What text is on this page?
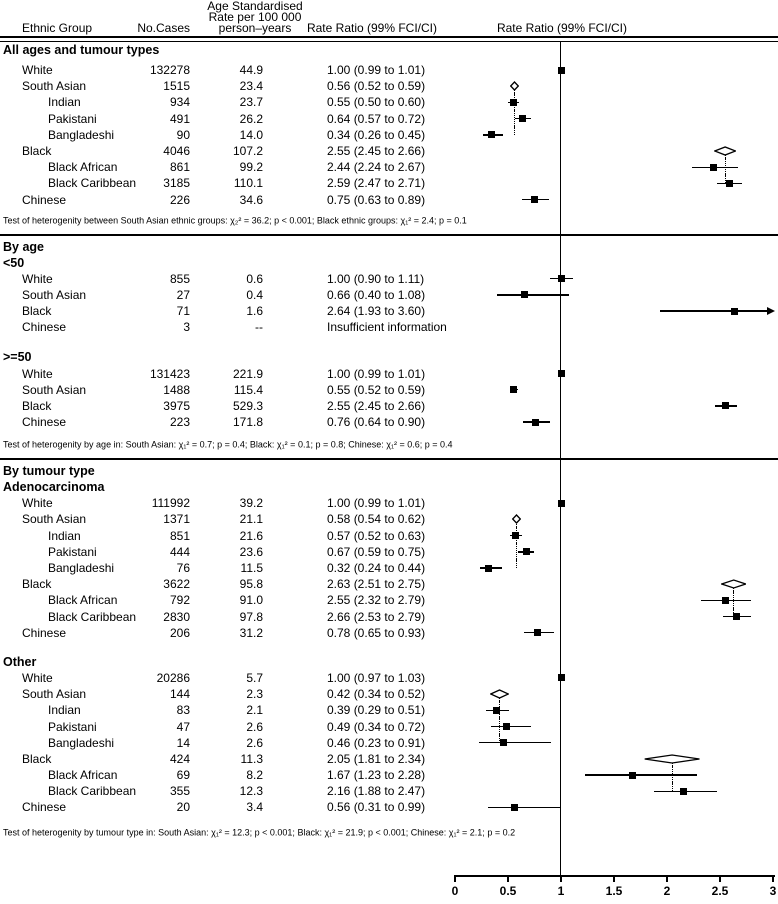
Ethnic Group	No.Cases
Age Standardised
Rate per 100 000
person–years	Rate Ratio (99% FCI/CI)	Rate Ratio (99% FCI/CI)
All ages and tumour types
White	132278	44.9	1.00 (0.99 to 1.01)
South Asian	1515	23.4	0.56 (0.52 to 0.59)
Indian	934	23.7	0.55 (0.50 to 0.60)
Pakistani	491	26.2	0.64 (0.57 to 0.72)
Bangladeshi	90	14.0	0.34 (0.26 to 0.45)
Black	4046	107.2	2.55 (2.45 to 2.66)
Black African	861	99.2	2.44 (2.24 to 2.67)
Black Caribbean	3185	110.1	2.59 (2.47 to 2.71)
Chinese	226	34.6	0.75 (0.63 to 0.89)
Test of heterogenity between South Asian ethnic groups: χ₂² = 36.2; p < 0.001; Black ethnic groups: χ₁² = 2.4; p = 0.1
By age
<50
White	855	0.6	1.00 (0.90 to 1.11)
South Asian	27	0.4	0.66 (0.40 to 1.08)
Black	71	1.6	2.64 (1.93 to 3.60)
Chinese	3	--	Insufficient information
>=50
White	131423	221.9	1.00 (0.99 to 1.01)
South Asian	1488	115.4	0.55 (0.52 to 0.59)
Black	3975	529.3	2.55 (2.45 to 2.66)
Chinese	223	171.8	0.76 (0.64 to 0.90)
Test of heterogenity by age in: South Asian: χ₁² = 0.7; p = 0.4; Black: χ₁² = 0.1; p = 0.8; Chinese: χ₁² = 0.6; p = 0.4
By tumour type
Adenocarcinoma
White	111992	39.2	1.00 (0.99 to 1.01)
South Asian	1371	21.1	0.58 (0.54 to 0.62)
Indian	851	21.6	0.57 (0.52 to 0.63)
Pakistani	444	23.6	0.67 (0.59 to 0.75)
Bangladeshi	76	11.5	0.32 (0.24 to 0.44)
Black	3622	95.8	2.63 (2.51 to 2.75)
Black African	792	91.0	2.55 (2.32 to 2.79)
Black Caribbean	2830	97.8	2.66 (2.53 to 2.79)
Chinese	206	31.2	0.78 (0.65 to 0.93)
Other
White	20286	5.7	1.00 (0.97 to 1.03)
South Asian	144	2.3	0.42 (0.34 to 0.52)
Indian	83	2.1	0.39 (0.29 to 0.51)
Pakistani	47	2.6	0.49 (0.34 to 0.72)
Bangladeshi	14	2.6	0.46 (0.23 to 0.91)
Black	424	11.3	2.05 (1.81 to 2.34)
Black African	69	8.2	1.67 (1.23 to 2.28)
Black Caribbean	355	12.3	2.16 (1.88 to 2.47)
Chinese	20	3.4	0.56 (0.31 to 0.99)
Test of heterogenity by tumour type in: South Asian: χ₁² = 12.3; p < 0.001; Black: χ₁² = 21.9; p < 0.001; Chinese: χ₁² = 2.1; p = 0.2
0	0.5	1	1.5	2	2.5	3
